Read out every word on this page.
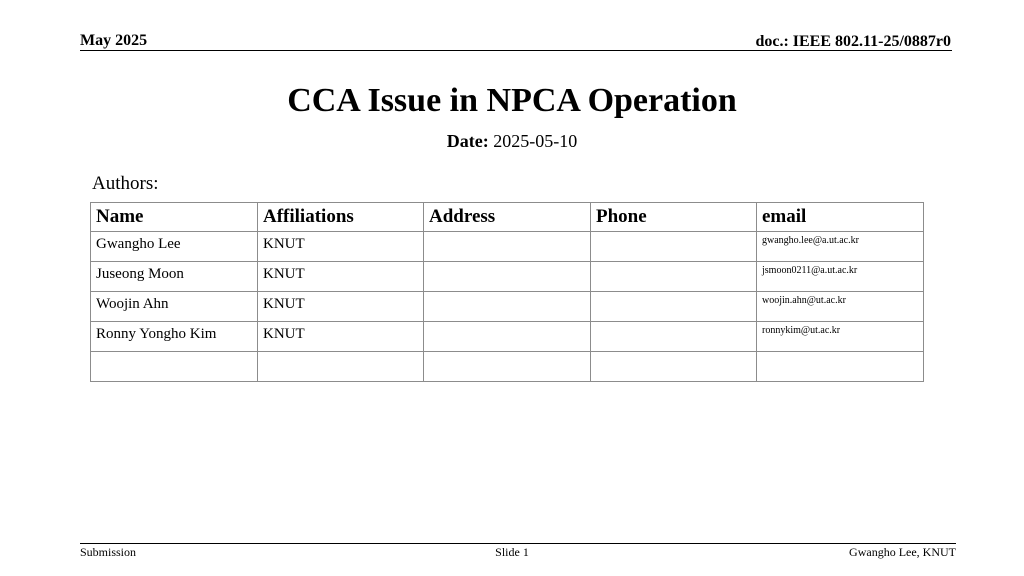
May 2025	doc.: IEEE 802.11-25/0887r0
CCA Issue in NPCA Operation
Date: 2025-05-10
Authors:
Name	Affiliations	Address	Phone	email
Gwangho Lee	KNUT			gwangho.lee@a.ut.ac.kr
Juseong Moon	KNUT			jsmoon0211@a.ut.ac.kr
Woojin Ahn	KNUT			woojin.ahn@ut.ac.kr
Ronny Yongho Kim	KNUT			ronnykim@ut.ac.kr

Submission	Slide 1	Gwangho Lee, KNUT
